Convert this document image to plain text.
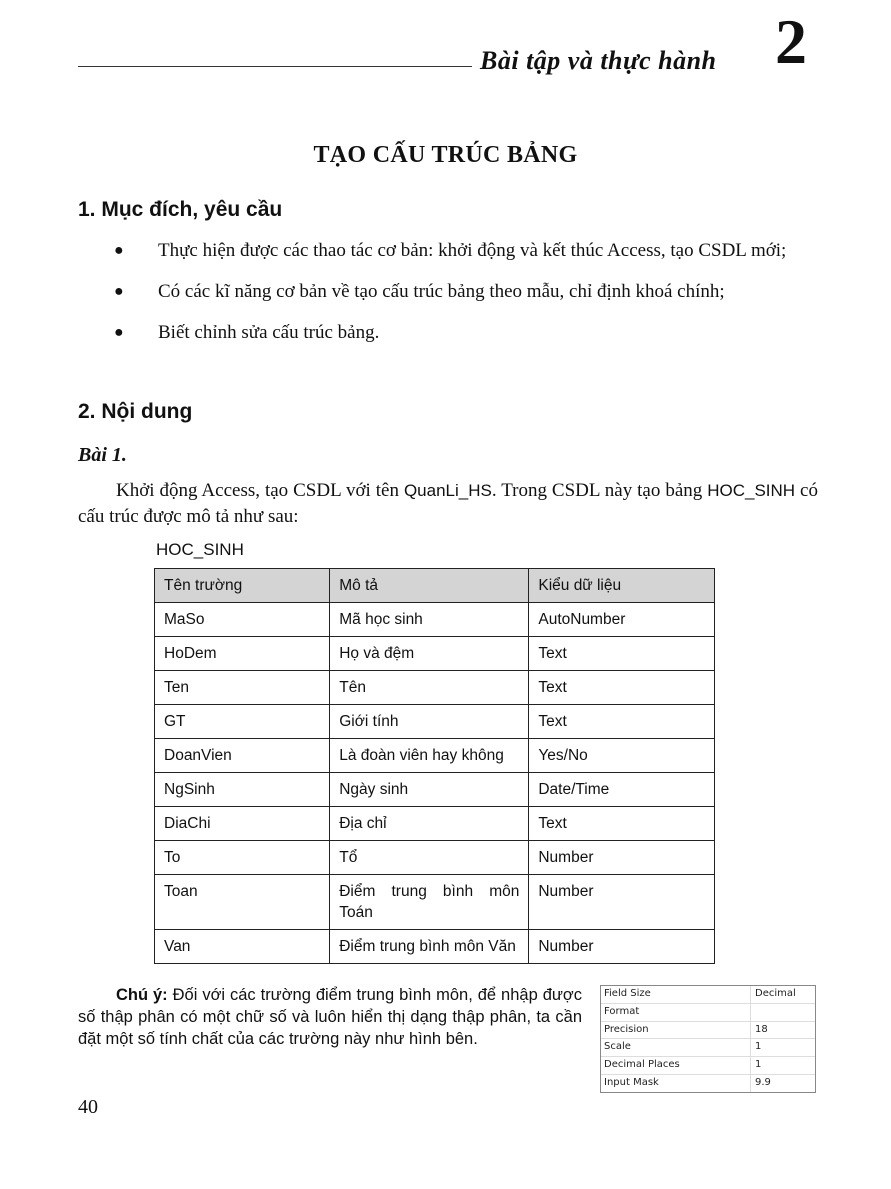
Bài tập và thực hành 2
TẠO CẤU TRÚC BẢNG
1. Mục đích, yêu cầu
● Thực hiện được các thao tác cơ bản: khởi động và kết thúc Access, tạo CSDL mới;
● Có các kĩ năng cơ bản về tạo cấu trúc bảng theo mẫu, chỉ định khoá chính;
● Biết chỉnh sửa cấu trúc bảng.
2. Nội dung
Bài 1.

Khởi động Access, tạo CSDL với tên QuanLi_HS. Trong CSDL này tạo bảng HOC_SINH có cấu trúc được mô tả như sau:

HOC_SINH
Tên trường	Mô tả	Kiểu dữ liệu
MaSo	Mã học sinh	AutoNumber
HoDem	Họ và đệm	Text
Ten	Tên	Text
GT	Giới tính	Text
DoanVien	Là đoàn viên hay không	Yes/No
NgSinh	Ngày sinh	Date/Time
DiaChi	Địa chỉ	Text
To	Tổ	Number
Toan	Điểm trung bình môn Toán	Number
Van	Điểm trung bình môn Văn	Number

Chú ý: Đối với các trường điểm trung bình môn, để nhập được số thập phân có một chữ số và luôn hiển thị dạng thập phân, ta cần đặt một số tính chất của các trường này như hình bên.

Field Size	Decimal
Format
Precision	18
Scale	1
Decimal Places	1
Input Mask	9.9
40
